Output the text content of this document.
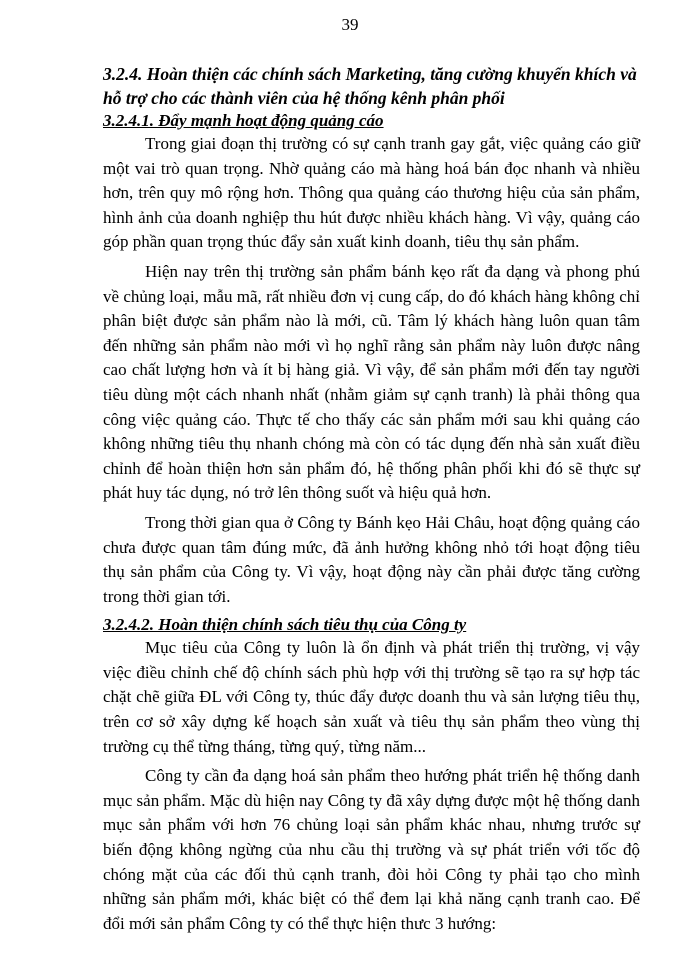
39

3.2.4. Hoàn thiện các chính sách Marketing, tăng cường khuyến khích và hỗ trợ cho các thành viên của hệ thống kênh phân phối

3.2.4.1. Đẩy mạnh hoạt động quảng cáo

Trong giai đoạn thị trường có sự cạnh tranh gay gắt, việc quảng cáo giữ một vai trò quan trọng. Nhờ quảng cáo mà hàng hoá bán đọc nhanh và nhiều hơn, trên quy mô rộng hơn. Thông qua quảng cáo thương hiệu của sản phẩm, hình ảnh của doanh nghiệp thu hút được nhiều khách hàng. Vì vậy, quảng cáo góp phần quan trọng thúc đẩy sản xuất kinh doanh, tiêu thụ sản phẩm.

Hiện nay trên thị trường sản phẩm bánh kẹo rất đa dạng và phong phú về chủng loại, mẫu mã, rất nhiều đơn vị cung cấp, do đó khách hàng không chỉ phân biệt được sản phẩm nào là mới, cũ. Tâm lý khách hàng luôn quan tâm đến những sản phẩm nào mới vì họ nghĩ rằng sản phẩm này luôn được nâng cao chất lượng hơn và ít bị hàng giả. Vì vậy, để sản phẩm mới đến tay người tiêu dùng một cách nhanh nhất (nhằm giảm sự cạnh tranh) là phải thông qua công việc quảng cáo. Thực tế cho thấy các sản phẩm mới sau khi quảng cáo không những tiêu thụ nhanh chóng mà còn có tác dụng đến nhà sản xuất điều chỉnh để hoàn thiện hơn sản phẩm đó, hệ thống phân phối khi đó sẽ thực sự phát huy tác dụng, nó trở lên thông suốt và hiệu quả hơn.

Trong thời gian qua ở Công ty Bánh kẹo Hải Châu, hoạt động quảng cáo chưa được quan tâm đúng mức, đã ảnh hưởng không nhỏ tới hoạt động tiêu thụ sản phẩm của Công ty. Vì vậy, hoạt động này cần phải được tăng cường trong thời gian tới.

3.2.4.2. Hoàn thiện chính sách tiêu thụ của Công ty

Mục tiêu của Công ty luôn là ổn định và phát triển thị trường, vị vậy việc điều chỉnh chế độ chính sách phù hợp với thị trường sẽ tạo ra sự hợp tác chặt chẽ giữa ĐL với Công ty, thúc đẩy được doanh thu và sản lượng tiêu thụ, trên cơ sở xây dựng kế hoạch sản xuất và tiêu thụ sản phẩm theo vùng thị trường cụ thể từng tháng, từng quý, từng năm...

Công ty cần đa dạng hoá sản phẩm theo hướng phát triển hệ thống danh mục sản phẩm. Mặc dù hiện nay Công ty đã xây dựng được một hệ thống danh mục sản phẩm với hơn 76 chủng loại sản phẩm khác nhau, nhưng trước sự biến động không ngừng của nhu cầu thị trường và sự phát triển với tốc độ chóng mặt của các đối thủ cạnh tranh, đòi hỏi Công ty phải tạo cho mình những sản phẩm mới, khác biệt có thể đem lại khả năng cạnh tranh cao. Để đổi mới sản phẩm Công ty có thể thực hiện thưc 3 hướng:
